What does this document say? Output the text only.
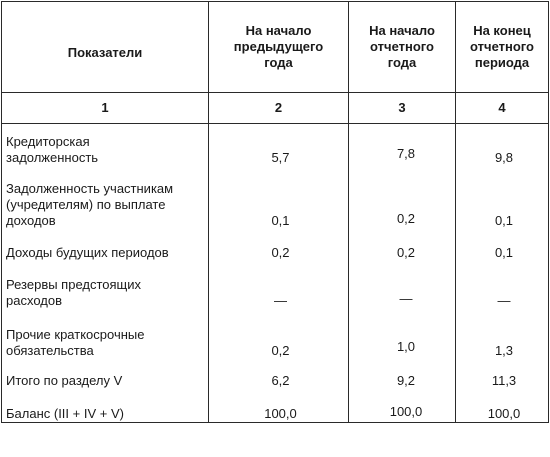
Показатели	На начало
предыдущего
года	На начало
отчетного
года	На конец
отчетного
периода

1	2	3	4

Кредиторская
задолженность	5,7	7,8	9,8

Задолженность участникам
(учредителям) по выплате
доходов	0,1	0,2	0,1

Доходы будущих периодов	0,2	0,2	0,1

Резервы предстоящих
расходов	—	—	—

Прочие краткосрочные
обязательства	0,2	1,0	1,3

Итого по разделу V	6,2	9,2	11,3

Баланс (III + IV + V)	100,0	100,0	100,0
